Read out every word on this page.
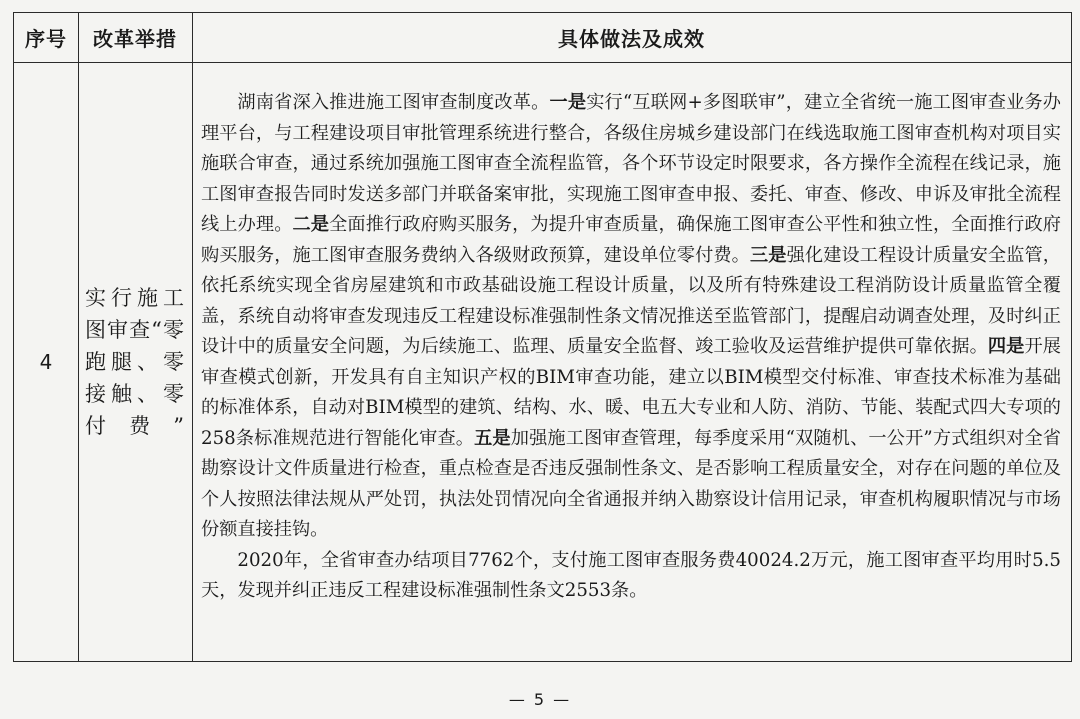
序号	改革举措	具体做法及成效
4
实行施工图审查“零跑腿、零接触、零付费”

湖南省深入推进施工图审查制度改革。一是实行“互联网+多图联审”，建立全省统一施工图审查业务办理平台，与工程建设项目审批管理系统进行整合，各级住房城乡建设部门在线选取施工图审查机构对项目实施联合审查，通过系统加强施工图审查全流程监管，各个环节设定时限要求，各方操作全流程在线记录，施工图审查报告同时发送多部门并联备案审批，实现施工图审查申报、委托、审查、修改、申诉及审批全流程线上办理。二是全面推行政府购买服务，为提升审查质量，确保施工图审查公平性和独立性，全面推行政府购买服务，施工图审查服务费纳入各级财政预算，建设单位零付费。三是强化建设工程设计质量安全监管，依托系统实现全省房屋建筑和市政基础设施工程设计质量，以及所有特殊建设工程消防设计质量监管全覆盖，系统自动将审查发现违反工程建设标准强制性条文情况推送至监管部门，提醒启动调查处理，及时纠正设计中的质量安全问题，为后续施工、监理、质量安全监督、竣工验收及运营维护提供可靠依据。四是开展审查模式创新，开发具有自主知识产权的BIM审查功能，建立以BIM模型交付标准、审查技术标准为基础的标准体系，自动对BIM模型的建筑、结构、水、暖、电五大专业和人防、消防、节能、装配式四大专项的258条标准规范进行智能化审查。五是加强施工图审查管理，每季度采用“双随机、一公开”方式组织对全省勘察设计文件质量进行检查，重点检查是否违反强制性条文、是否影响工程质量安全，对存在问题的单位及个人按照法律法规从严处罚，执法处罚情况向全省通报并纳入勘察设计信用记录，审查机构履职情况与市场份额直接挂钩。

2020年，全省审查办结项目7762个，支付施工图审查服务费40024.2万元，施工图审查平均用时5.5天，发现并纠正违反工程建设标准强制性条文2553条。

— 5 —
